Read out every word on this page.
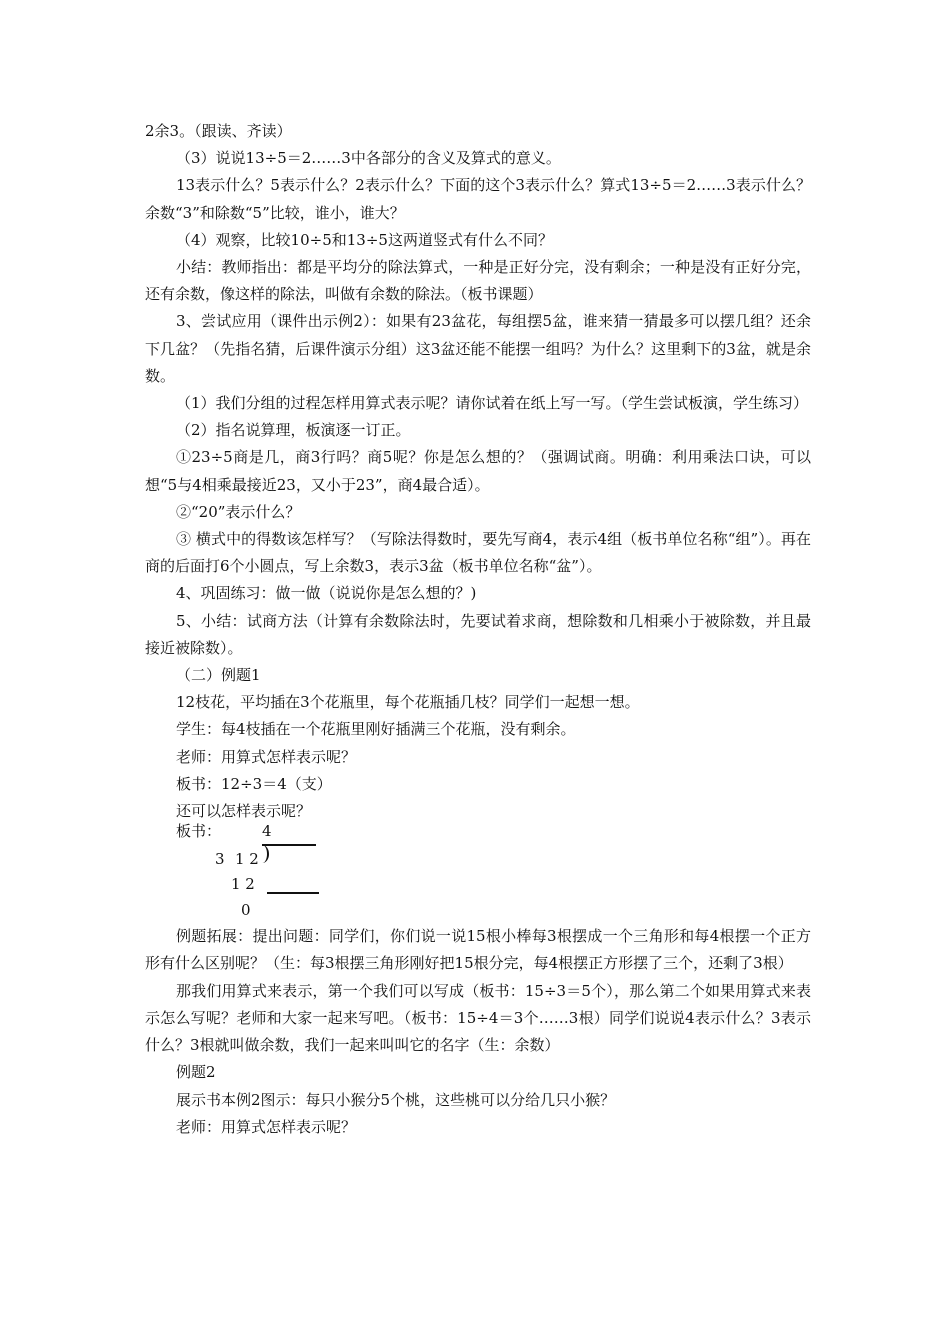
2余3。（跟读、齐读）

（3）说说13÷5＝2……3中各部分的含义及算式的意义。

13表示什么？5表示什么？2表示什么？下面的这个3表示什么？算式13÷5＝2……3表示什么？余数“3”和除数“5”比较，谁小，谁大？

（4）观察，比较10÷5和13÷5这两道竖式有什么不同？

小结：教师指出：都是平均分的除法算式，一种是正好分完，没有剩余；一种是没有正好分完，还有余数，像这样的除法，叫做有余数的除法。（板书课题）

3、尝试应用（课件出示例2）：如果有23盆花，每组摆5盆，谁来猜一猜最多可以摆几组？还余下几盆？（先指名猜，后课件演示分组）这3盆还能不能摆一组吗？为什么？这里剩下的3盆，就是余数。

（1）我们分组的过程怎样用算式表示呢？请你试着在纸上写一写。（学生尝试板演，学生练习）

（2）指名说算理，板演逐一订正。

①23÷5商是几，商3行吗？商5呢？你是怎么想的？（强调试商。明确：利用乘法口诀，可以想“5与4相乘最接近23，又小于23”，商4最合适）。

②“20”表示什么？

③ 横式中的得数该怎样写？（写除法得数时，要先写商4，表示4组（板书单位名称“组”）。再在商的后面打6个小圆点，写上余数3，表示3盆（板书单位名称“盆”）。

4、巩固练习：做一做（说说你是怎么想的？)

5、小结：试商方法（计算有余数除法时，先要试着求商，想除数和几相乘小于被除数，并且最接近被除数）。

（二）例题1

12枝花，平均插在3个花瓶里，每个花瓶插几枝？同学们一起想一想。

学生：每4枝插在一个花瓶里刚好插满三个花瓶，没有剩余。

老师：用算式怎样表示呢？

板书：12÷3＝4（支）

还可以怎样表示呢？

板书：	4
3 1 2
1 2
0

例题拓展：提出问题：同学们，你们说一说15根小棒每3根摆成一个三角形和每4根摆一个正方形有什么区别呢？（生：每3根摆三角形刚好把15根分完，每4根摆正方形摆了三个，还剩了3根）

那我们用算式来表示，第一个我们可以写成（板书：15÷3＝5个），那么第二个如果用算式来表示怎么写呢？老师和大家一起来写吧。（板书：15÷4＝3个……3根）同学们说说4表示什么？3表示什么？3根就叫做余数，我们一起来叫叫它的名字（生：余数）

例题2

展示书本例2图示：每只小猴分5个桃，这些桃可以分给几只小猴？

老师：用算式怎样表示呢？
